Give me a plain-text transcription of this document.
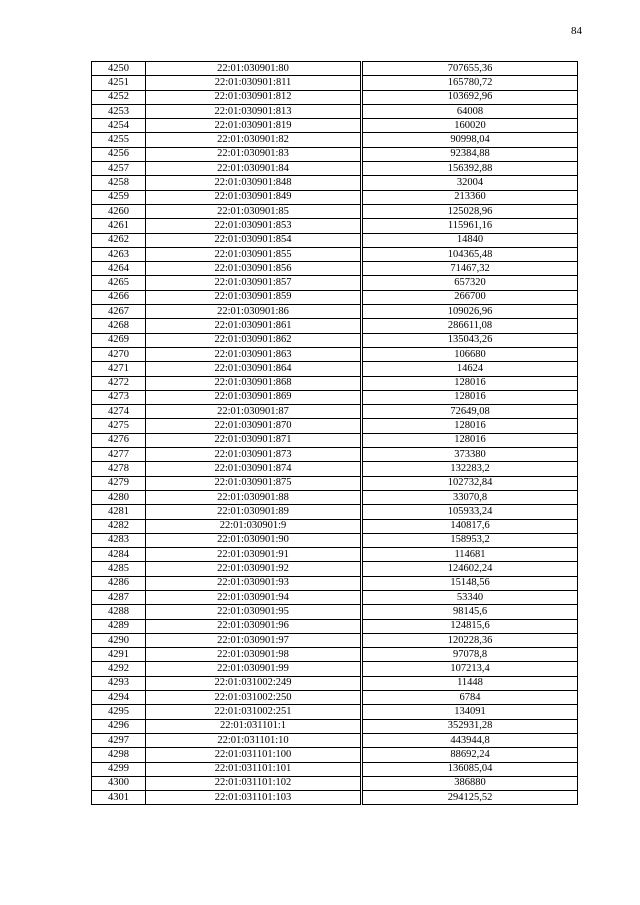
84
4250	22:01:030901:80		707655,36
4251	22:01:030901:811		165780,72
4252	22:01:030901:812		103692,96
4253	22:01:030901:813		64008
4254	22:01:030901:819		160020
4255	22:01:030901:82		90998,04
4256	22:01:030901:83		92384,88
4257	22:01:030901:84		156392,88
4258	22:01:030901:848		32004
4259	22:01:030901:849		213360
4260	22:01:030901:85		125028,96
4261	22:01:030901:853		115961,16
4262	22:01:030901:854		14840
4263	22:01:030901:855		104365,48
4264	22:01:030901:856		71467,32
4265	22:01:030901:857		657320
4266	22:01:030901:859		266700
4267	22:01:030901:86		109026,96
4268	22:01:030901:861		286611,08
4269	22:01:030901:862		135043,26
4270	22:01:030901:863		106680
4271	22:01:030901:864		14624
4272	22:01:030901:868		128016
4273	22:01:030901:869		128016
4274	22:01:030901:87		72649,08
4275	22:01:030901:870		128016
4276	22:01:030901:871		128016
4277	22:01:030901:873		373380
4278	22:01:030901:874		132283,2
4279	22:01:030901:875		102732,84
4280	22:01:030901:88		33070,8
4281	22:01:030901:89		105933,24
4282	22:01:030901:9		140817,6
4283	22:01:030901:90		158953,2
4284	22:01:030901:91		114681
4285	22:01:030901:92		124602,24
4286	22:01:030901:93		15148,56
4287	22:01:030901:94		53340
4288	22:01:030901:95		98145,6
4289	22:01:030901:96		124815,6
4290	22:01:030901:97		120228,36
4291	22:01:030901:98		97078,8
4292	22:01:030901:99		107213,4
4293	22:01:031002:249		11448
4294	22:01:031002:250		6784
4295	22:01:031002:251		134091
4296	22:01:031101:1		352931,28
4297	22:01:031101:10		443944,8
4298	22:01:031101:100		88692,24
4299	22:01:031101:101		136085,04
4300	22:01:031101:102		386880
4301	22:01:031101:103		294125,52
